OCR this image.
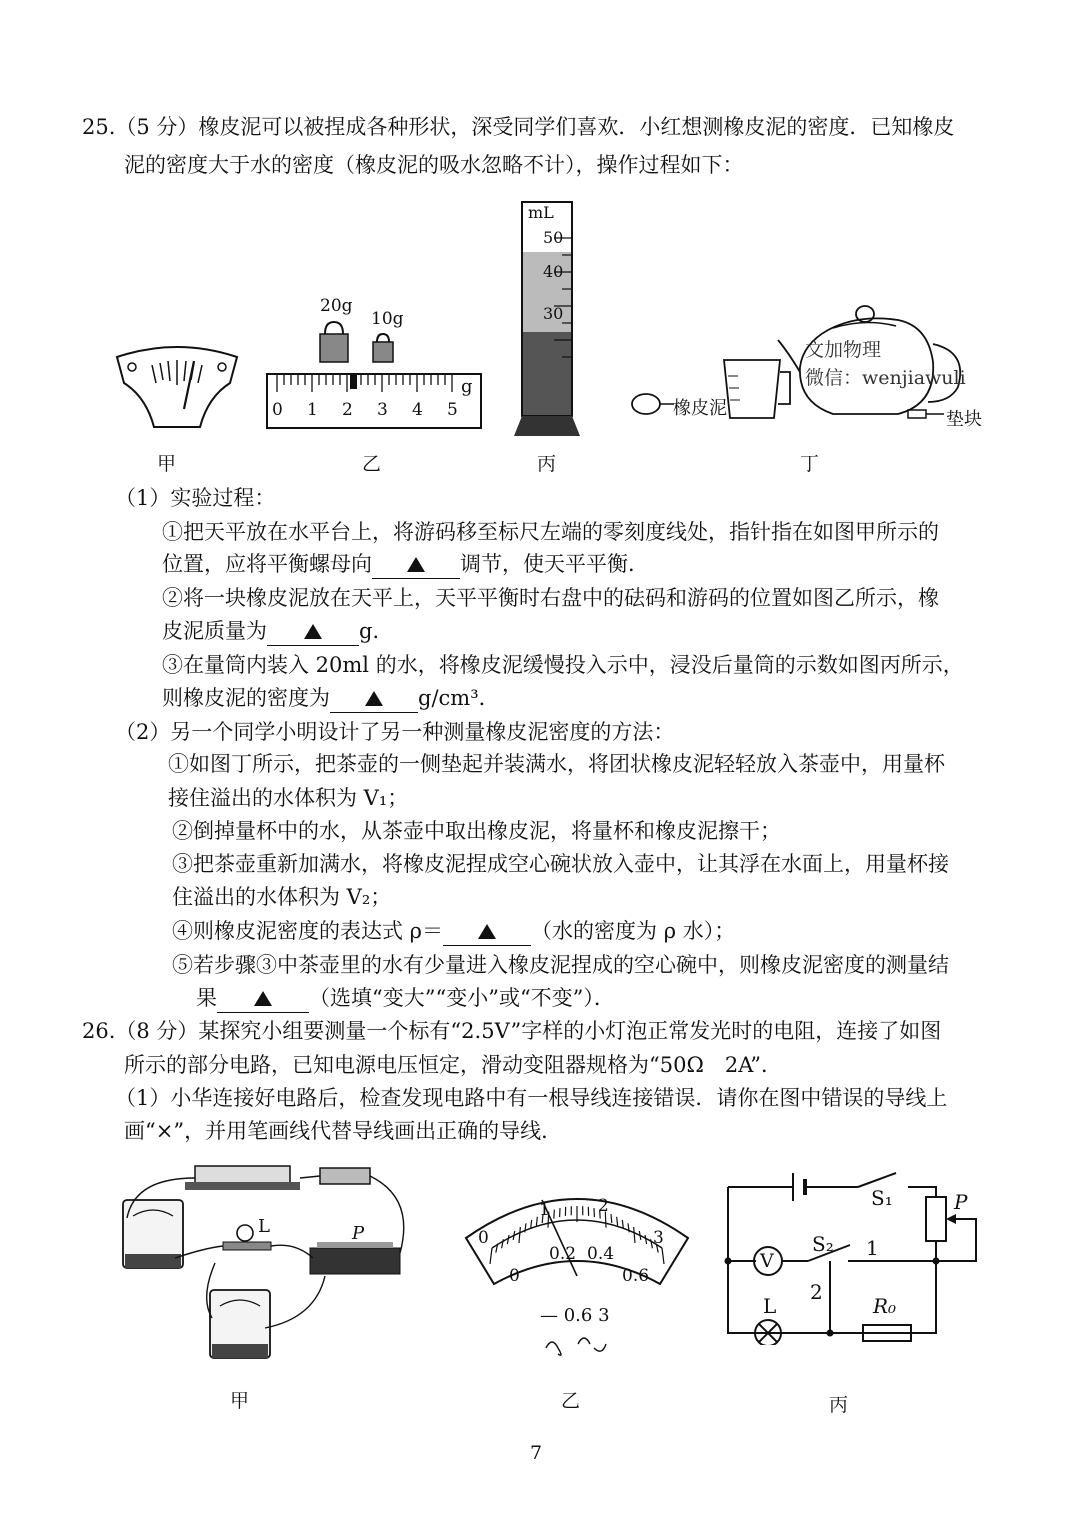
25.（5 分）橡皮泥可以被捏成各种形状，深受同学们喜欢．小红想测橡皮泥的密度．已知橡皮
泥的密度大于水的密度（橡皮泥的吸水忽略不计），操作过程如下：
甲
20g
10g
g
0 1 2 3 4 5
乙
mL
50
40
30
丙
橡皮泥
垫块
丁
文加物理
微信：wenjiawuli
（1）实验过程：
①把天平放在水平台上，将游码移至标尺左端的零刻度线处，指针指在如图甲所示的
位置，应将平衡螺母向	调节，使天平平衡．
②将一块橡皮泥放在天平上，天平平衡时右盘中的砝码和游码的位置如图乙所示，橡
皮泥质量为	g．
③在量筒内装入 20ml 的水，将橡皮泥缓慢投入示中，浸没后量筒的示数如图丙所示，
则橡皮泥的密度为	g/cm³．
（2）另一个同学小明设计了另一种测量橡皮泥密度的方法：
①如图丁所示，把茶壶的一侧垫起并装满水，将团状橡皮泥轻轻放入茶壶中，用量杯
接住溢出的水体积为 V₁；
②倒掉量杯中的水，从茶壶中取出橡皮泥，将量杯和橡皮泥擦干；
③把茶壶重新加满水，将橡皮泥捏成空心碗状放入壶中，让其浮在水面上，用量杯接
住溢出的水体积为 V₂；
④则橡皮泥密度的表达式 ρ＝	（水的密度为 ρ 水）；
⑤若步骤③中茶壶里的水有少量进入橡皮泥捏成的空心碗中，则橡皮泥密度的测量结
果	（选填“变大”“变小”或“不变”）．
26.（8 分）某探究小组要测量一个标有“2.5V”字样的小灯泡正常发光时的电阻，连接了如图
所示的部分电路，已知电源电压恒定，滑动变阻器规格为“50Ω　2A”．
（1）小华连接好电路后，检查发现电路中有一根导线连接错误．请你在图中错误的导线上
画“×”，并用笔画线代替导线画出正确的导线．
L	P
甲
0
1	2
3
0
0.2 0.4
0.6
— 0.6 3
乙
S₁	P
S₂ 1
V
2
L	R₀
丙
7
